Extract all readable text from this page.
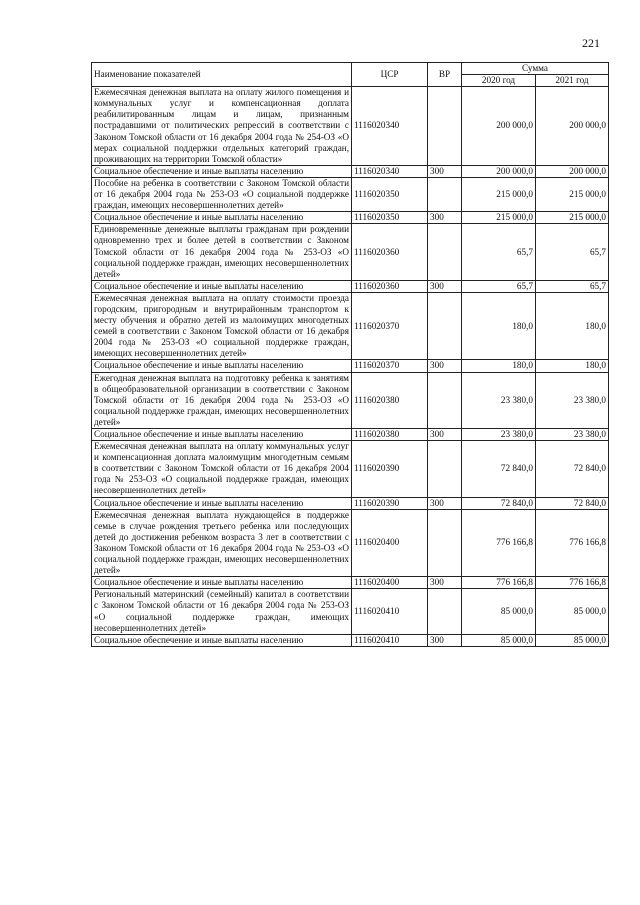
221
Наименование показателей	ЦСР	ВР	Сумма	
			2020 год	2021 год
Ежемесячная денежная выплата на оплату жилого помещения и коммунальных услуг и компенсационная доплата реабилитированным лицам и лицам, признанным пострадавшими от политических репрессий в соответствии с Законом Томской области от 16 декабря 2004 года № 254-ОЗ «О мерах социальной поддержки отдельных категорий граждан, проживающих на территории Томской области»	1116020340		200 000,0	200 000,0
Социальное обеспечение и иные выплаты населению	1116020340	300	200 000,0	200 000,0
Пособие на ребенка в соответствии с Законом Томской области от 16 декабря 2004 года № 253-ОЗ «О социальной поддержке граждан, имеющих несовершеннолетних детей»	1116020350		215 000,0	215 000,0
Социальное обеспечение и иные выплаты населению	1116020350	300	215 000,0	215 000,0
Единовременные денежные выплаты гражданам при рождении одновременно трех и более детей в соответствии с Законом Томской области от 16 декабря 2004 года № 253-ОЗ «О социальной поддержке граждан, имеющих несовершеннолетних детей»	1116020360		65,7	65,7
Социальное обеспечение и иные выплаты населению	1116020360	300	65,7	65,7
Ежемесячная денежная выплата на оплату стоимости проезда городским, пригородным и внутрирайонным транспортом к месту обучения и обратно детей из малоимущих многодетных семей в соответствии с Законом Томской области от 16 декабря 2004 года № 253-ОЗ «О социальной поддержке граждан, имеющих несовершеннолетних детей»	1116020370		180,0	180,0
Социальное обеспечение и иные выплаты населению	1116020370	300	180,0	180,0
Ежегодная денежная выплата на подготовку ребенка к занятиям в общеобразовательной организации в соответствии с Законом Томской области от 16 декабря 2004 года № 253-ОЗ «О социальной поддержке граждан, имеющих несовершеннолетних детей»	1116020380		23 380,0	23 380,0
Социальное обеспечение и иные выплаты населению	1116020380	300	23 380,0	23 380,0
Ежемесячная денежная выплата на оплату коммунальных услуг и компенсационная доплата малоимущим многодетным семьям в соответствии с Законом Томской области от 16 декабря 2004 года № 253-ОЗ «О социальной поддержке граждан, имеющих несовершеннолетних детей»	1116020390		72 840,0	72 840,0
Социальное обеспечение и иные выплаты населению	1116020390	300	72 840,0	72 840,0
Ежемесячная денежная выплата нуждающейся в поддержке семье в случае рождения третьего ребенка или последующих детей до достижения ребенком возраста 3 лет в соответствии с Законом Томской области от 16 декабря 2004 года № 253-ОЗ «О социальной поддержке граждан, имеющих несовершеннолетних детей»	1116020400		776 166,8	776 166,8
Социальное обеспечение и иные выплаты населению	1116020400	300	776 166,8	776 166,8
Региональный материнский (семейный) капитал в соответствии с Законом Томской области от 16 декабря 2004 года № 253-ОЗ «О социальной поддержке граждан, имеющих несовершеннолетних детей»	1116020410		85 000,0	85 000,0
Социальное обеспечение и иные выплаты населению	1116020410	300	85 000,0	85 000,0
